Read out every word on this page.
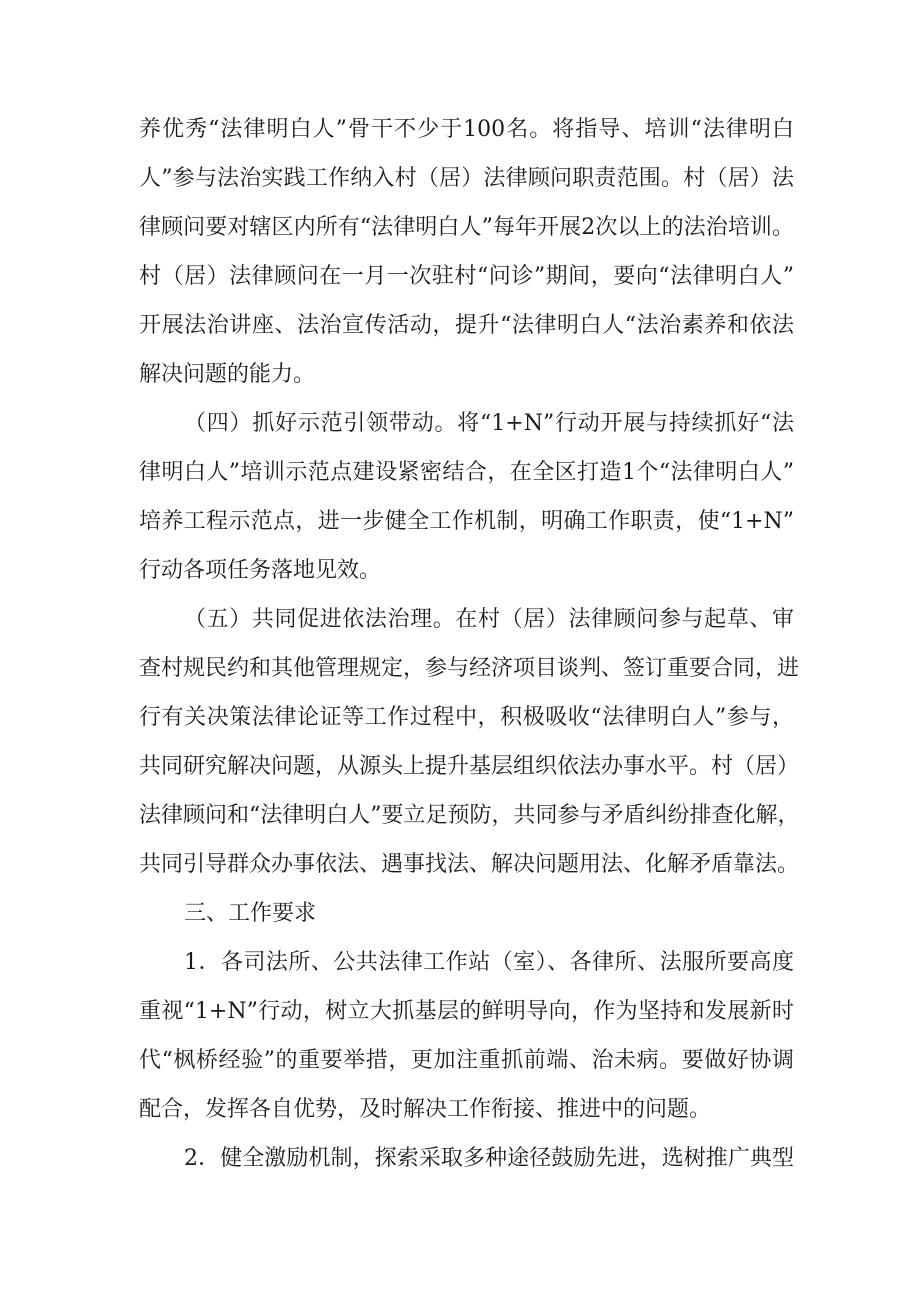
养优秀“法律明白人”骨干不少于100名。将指导、培训“法律明白
人”参与法治实践工作纳入村（居）法律顾问职责范围。村（居）法
律顾问要对辖区内所有“法律明白人”每年开展2次以上的法治培训。
村（居）法律顾问在一月一次驻村“问诊”期间，要向“法律明白人”
开展法治讲座、法治宣传活动，提升“法律明白人“法治素养和依法
解决问题的能力。
（四）抓好示范引领带动。将“1+N”行动开展与持续抓好“法
律明白人”培训示范点建设紧密结合，在全区打造1个“法律明白人”
培养工程示范点，进一步健全工作机制，明确工作职责，使“1+N”
行动各项任务落地见效。
（五）共同促进依法治理。在村（居）法律顾问参与起草、审
查村规民约和其他管理规定，参与经济项目谈判、签订重要合同，进
行有关决策法律论证等工作过程中，积极吸收“法律明白人”参与，
共同研究解决问题，从源头上提升基层组织依法办事水平。村（居）
法律顾问和“法律明白人”要立足预防，共同参与矛盾纠纷排查化解，
共同引导群众办事依法、遇事找法、解决问题用法、化解矛盾靠法。
三、工作要求
1．各司法所、公共法律工作站（室）、各律所、法服所要高度
重视“1+N”行动，树立大抓基层的鲜明导向，作为坚持和发展新时
代“枫桥经验”的重要举措，更加注重抓前端、治未病。要做好协调
配合，发挥各自优势，及时解决工作衔接、推进中的问题。
2．健全激励机制，探索采取多种途径鼓励先进，选树推广典型
